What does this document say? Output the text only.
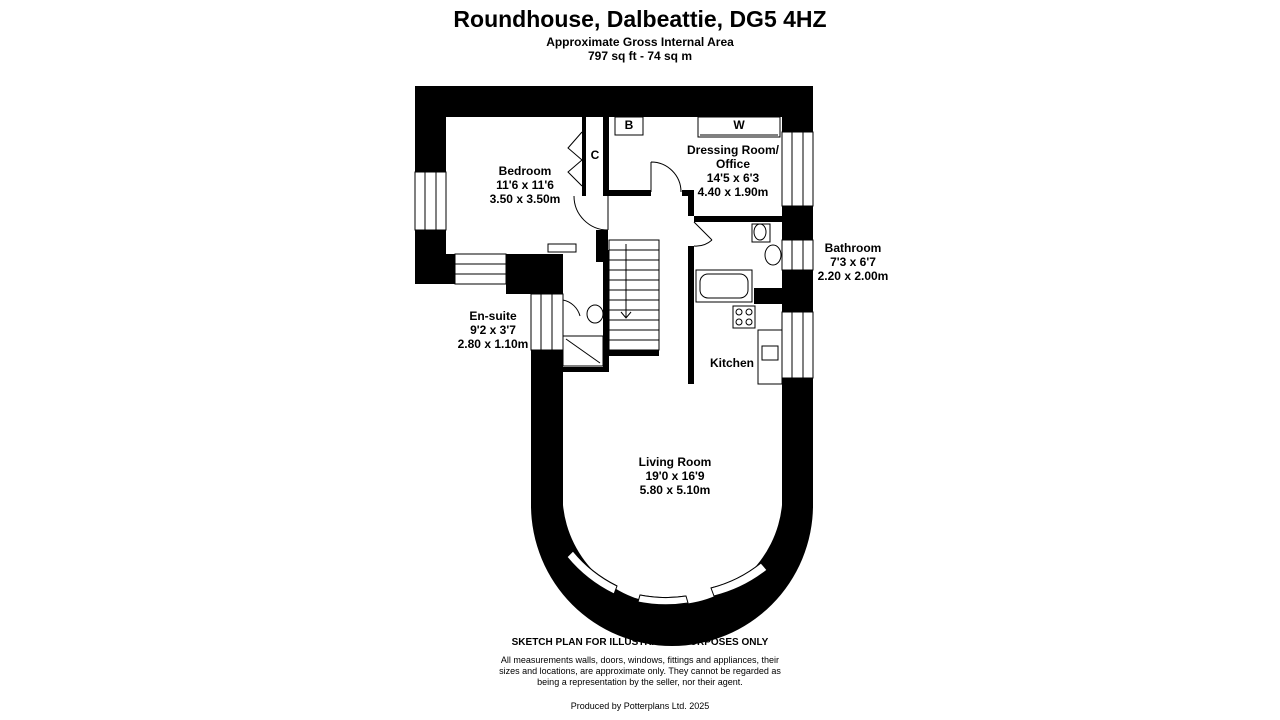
Roundhouse, Dalbeattie, DG5 4HZ
Approximate Gross Internal Area
797 sq ft - 74 sq m
B	W
C
Bedroom
11'6 x 11'6
3.50 x 3.50m
Dressing Room/
Office
14'5 x 6'3
4.40 x 1.90m
Bathroom
7'3 x 6'7
2.20 x 2.00m
En-suite
9'2 x 3'7
2.80 x 1.10m
Kitchen
Living Room
19'0 x 16'9
5.80 x 5.10m
SKETCH PLAN FOR ILLUSTRATIVE PURPOSES ONLY
All measurements walls, doors, windows, fittings and appliances, their
sizes and locations, are approximate only. They cannot be regarded as
being a representation by the seller, nor their agent.
Produced by Potterplans Ltd. 2025
